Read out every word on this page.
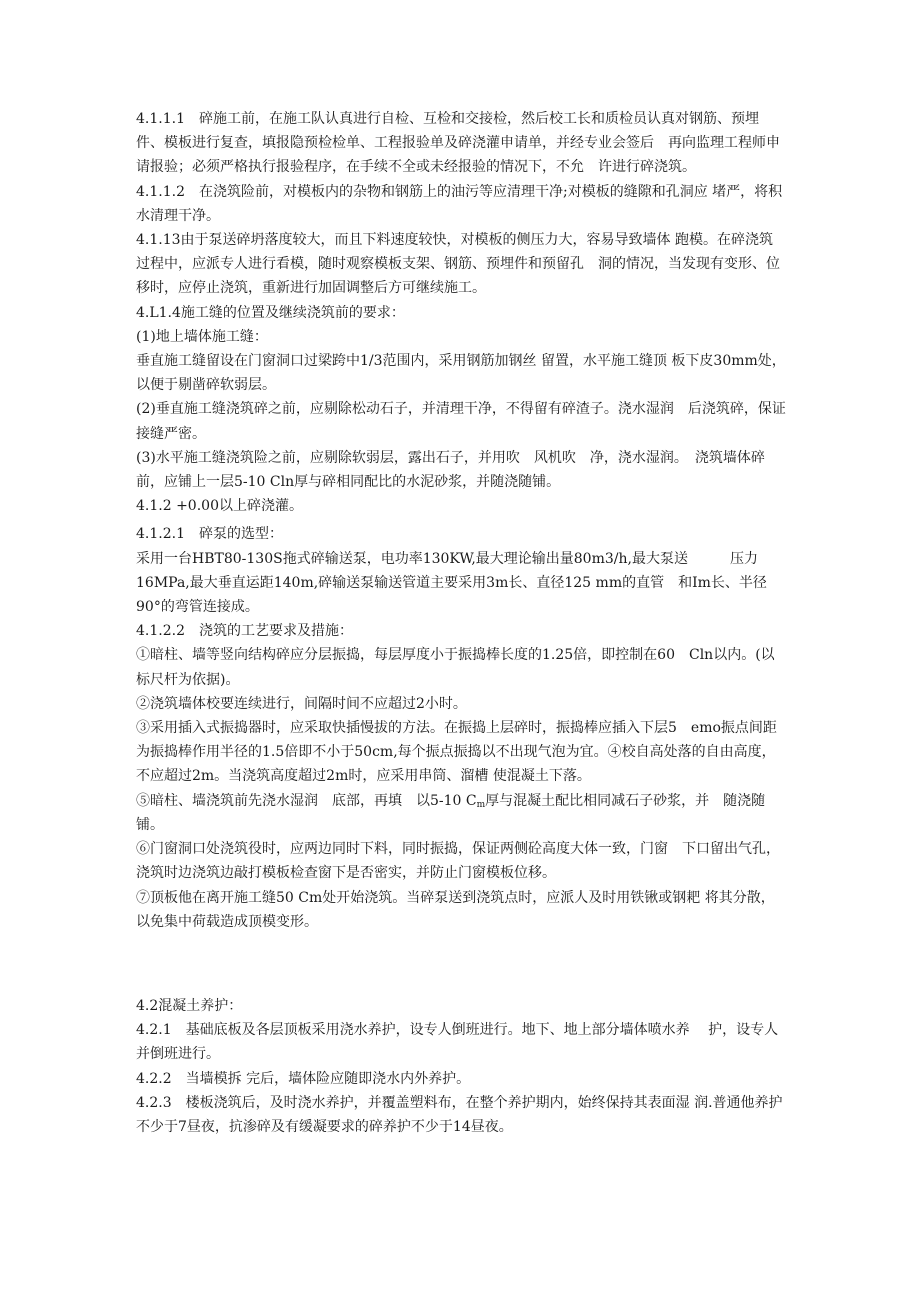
4.1.1.1　碎施工前，在施工队认真进行自检、互检和交接检，然后校工长和质检员认真对钢筋、预埋件、模板进行复查，填报隐预检检单、工程报验单及碎浇灌申请单，并经专业会签后　再向监理工程师申请报验；必须严格执行报验程序，在手续不全或未经报验的情况下，不允　许进行碎浇筑。

4.1.1.2　在浇筑险前，对模板内的杂物和钢筋上的油污等应清理干净;对模板的缝隙和孔洞应 堵严，将积水清理干净。

4.1.13由于泵送碎坍落度较大，而且下料速度较快，对模板的侧压力大，容易导致墙体 跑模。在碎浇筑过程中，应派专人进行看模，随时观察模板支架、钢筋、预埋件和预留孔　洞的情况，当发现有变形、位移时，应停止浇筑，重新进行加固调整后方可继续施工。

4.L1.4施工缝的位置及继续浇筑前的要求：

(1)地上墙体施工缝：

垂直施工缝留设在门窗洞口过梁跨中1/3范围内，采用钢筋加钢丝 留置，水平施工缝顶 板下皮30mm处，以便于剔凿碎软弱层。

(2)垂直施工缝浇筑碎之前，应剔除松动石子，并清理干净，不得留有碎渣子。浇水湿润　后浇筑碎，保证接缝严密。

(3)水平施工缝浇筑险之前，应剔除软弱层，露出石子，并用吹　风机吹　净，浇水湿润。　浇筑墙体碎前，应铺上一层5-10 Cln厚与碎相同配比的水泥砂浆，并随浇随铺。

4.1.2 +0.00以上碎浇灌。

4.1.2.1　碎泵的选型：

采用一台HBT80-130S拖式碎输送泵，电功率130KW,最大理论输出量80m3/h,最大泵送　　　压力16MPa,最大垂直运距140m,碎输送泵输送管道主要采用3m长、直径125 mm的直管　和Im长、半径90°的弯管连接成。

4.1.2.2　浇筑的工艺要求及措施：

①暗柱、墙等竖向结构碎应分层振捣，每层厚度小于振捣棒长度的1.25倍，即控制在60　Cln以内。(以标尺杆为依据)。

②浇筑墙体校要连续进行，间隔时间不应超过2小时。

③采用插入式振捣器时，应采取快插慢拔的方法。在振捣上层碎时，振捣棒应插入下层5　emo振点间距为振捣棒作用半径的1.5倍即不小于50cm,每个振点振捣以不出现气泡为宜。④校自高处落的自由高度，不应超过2m。当浇筑高度超过2m时，应采用串筒、溜槽 使混凝土下落。

⑤暗柱、墙浇筑前先浇水湿润　底部，再填　以5-10 $C_m$厚与混凝土配比相同减石子砂浆，并　随浇随铺。

⑥门窗洞口处浇筑役时，应两边同时下料，同时振捣，保证两侧砼高度大体一致，门窗　下口留出气孔，浇筑时边浇筑边敲打模板检查窗下是否密实，并防止门窗模板位移。

⑦顶板他在离开施工缝50 Cm处开始浇筑。当碎泵送到浇筑点时，应派人及时用铁锹或钢耙 将其分散，以免集中荷载造成顶模变形。

4.2混凝土养护：

4.2.1　基础底板及各层顶板采用浇水养护，设专人倒班进行。地下、地上部分墙体喷水养　 护，设专人并倒班进行。

4.2.2　当墙模拆 完后，墙体险应随即浇水内外养护。

4.2.3　楼板浇筑后，及时浇水养护，并覆盖塑料布，在整个养护期内，始终保持其表面湿 润.普通他养护不少于7昼夜，抗渗碎及有缓凝要求的碎养护不少于14昼夜。
